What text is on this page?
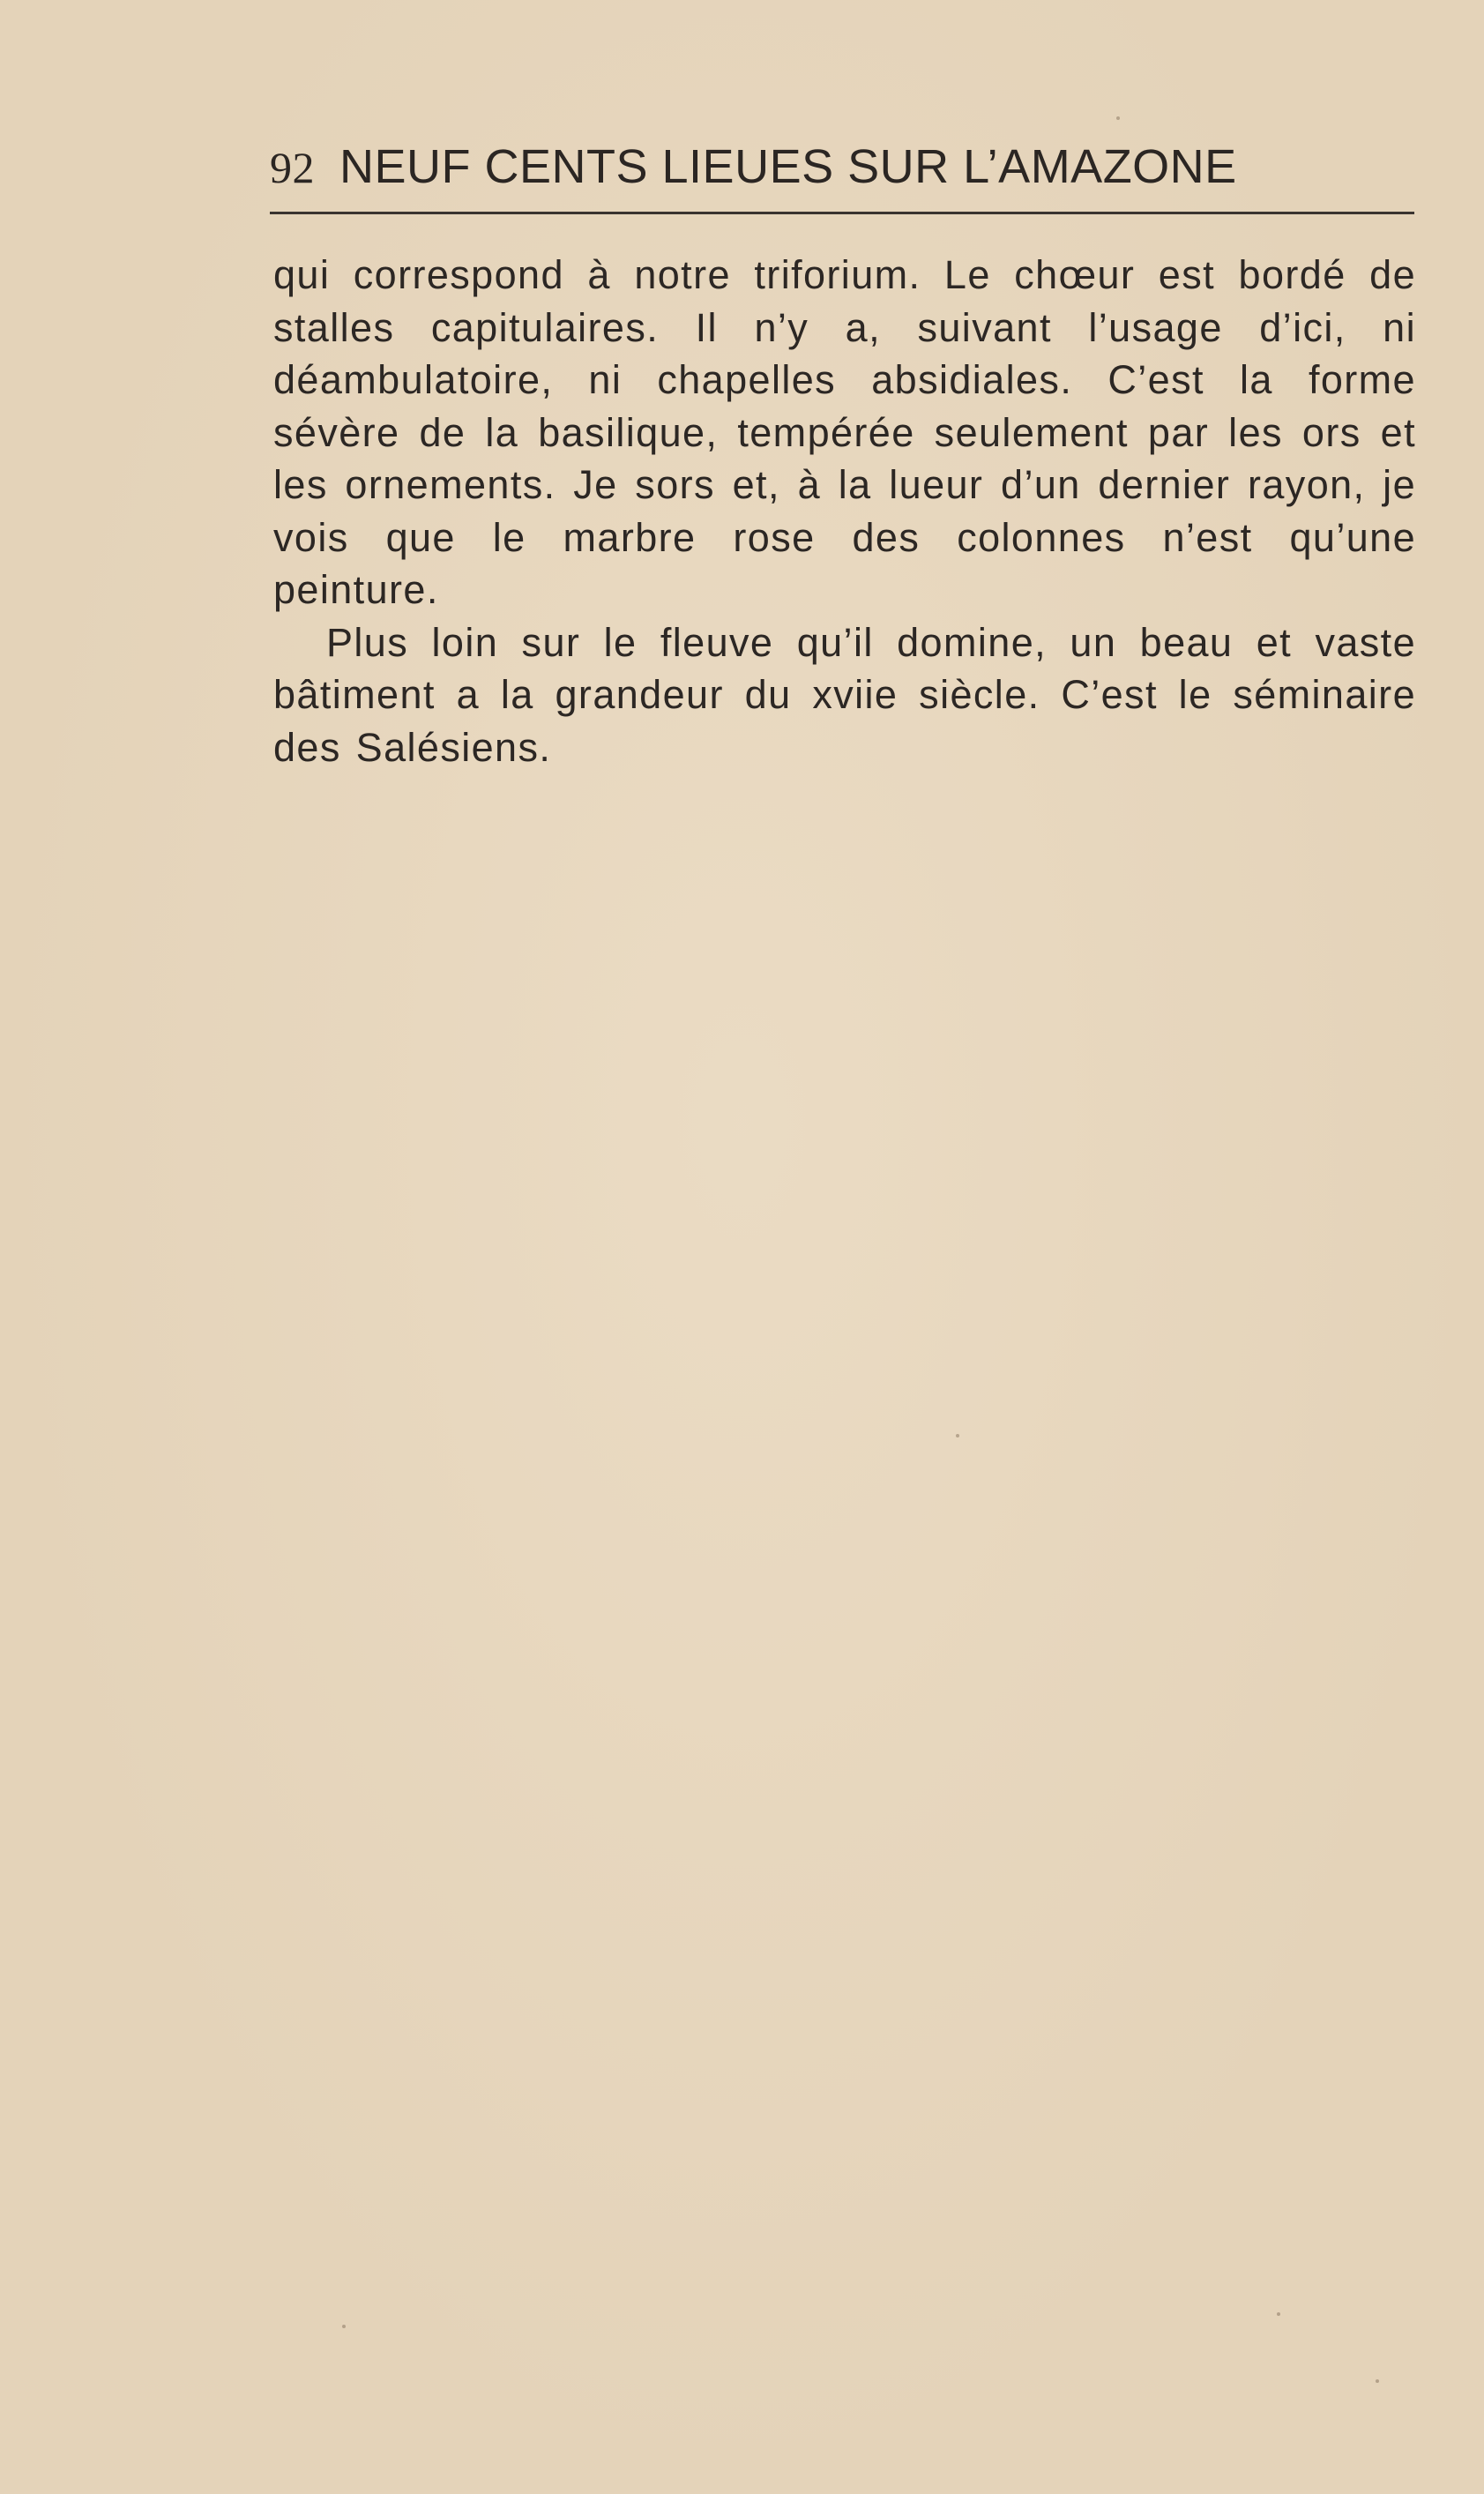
92 NEUF CENTS LIEUES SUR L’AMAZONE

qui correspond à notre triforium. Le chœur est bordé de stalles capitulaires. Il n’y a, suivant l’usage d’ici, ni déambulatoire, ni chapelles absidiales. C’est la forme sévère de la basilique, tempérée seulement par les ors et les ornements. Je sors et, à la lueur d’un dernier rayon, je vois que le marbre rose des colonnes n’est qu’une peinture.

Plus loin sur le fleuve qu’il domine, un beau et vaste bâtiment a la grandeur du xviie siècle. C’est le séminaire des Salésiens.
